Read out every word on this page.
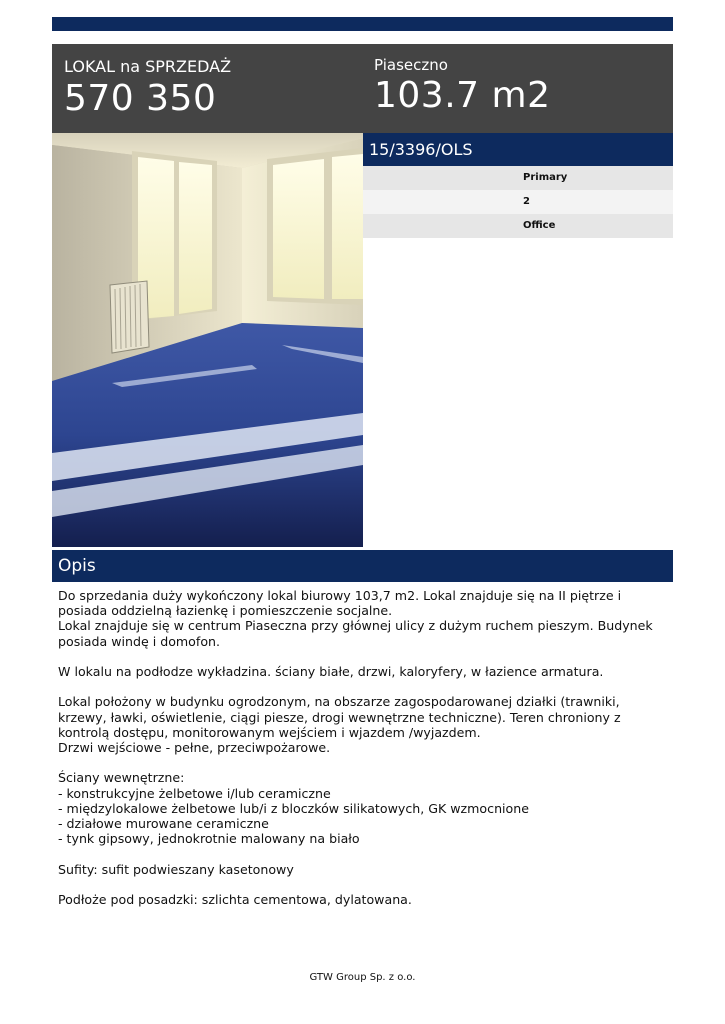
LOKAL na SPRZEDAŻ
570 350
Piaseczno
103.7 m2
15/3396/OLS
Primary
2
Office
Opis

Do sprzedania duży wykończony lokal biurowy 103,7 m2. Lokal znajduje się na II piętrze i posiada oddzielną łazienkę i pomieszczenie socjalne.

Lokal znajduje się w centrum Piaseczna przy głównej ulicy z dużym ruchem pieszym. Budynek posiada windę i domofon.

W lokalu na podłodze wykładzina. ściany białe, drzwi, kaloryfery, w łazience armatura.

Lokal położony w budynku ogrodzonym, na obszarze zagospodarowanej działki (trawniki, krzewy, ławki, oświetlenie, ciągi piesze, drogi wewnętrzne techniczne). Teren chroniony z kontrolą dostępu, monitorowanym wejściem i wjazdem /wyjazdem.

Drzwi wejściowe - pełne, przeciwpożarowe.

Ściany wewnętrzne:

- konstrukcyjne żelbetowe i/lub ceramiczne

- międzylokalowe żelbetowe lub/i z bloczków silikatowych, GK wzmocnione

- działowe murowane ceramiczne

- tynk gipsowy, jednokrotnie malowany na biało

Sufity: sufit podwieszany kasetonowy

Podłoże pod posadzki: szlichta cementowa, dylatowana.

GTW Group Sp. z o.o.
